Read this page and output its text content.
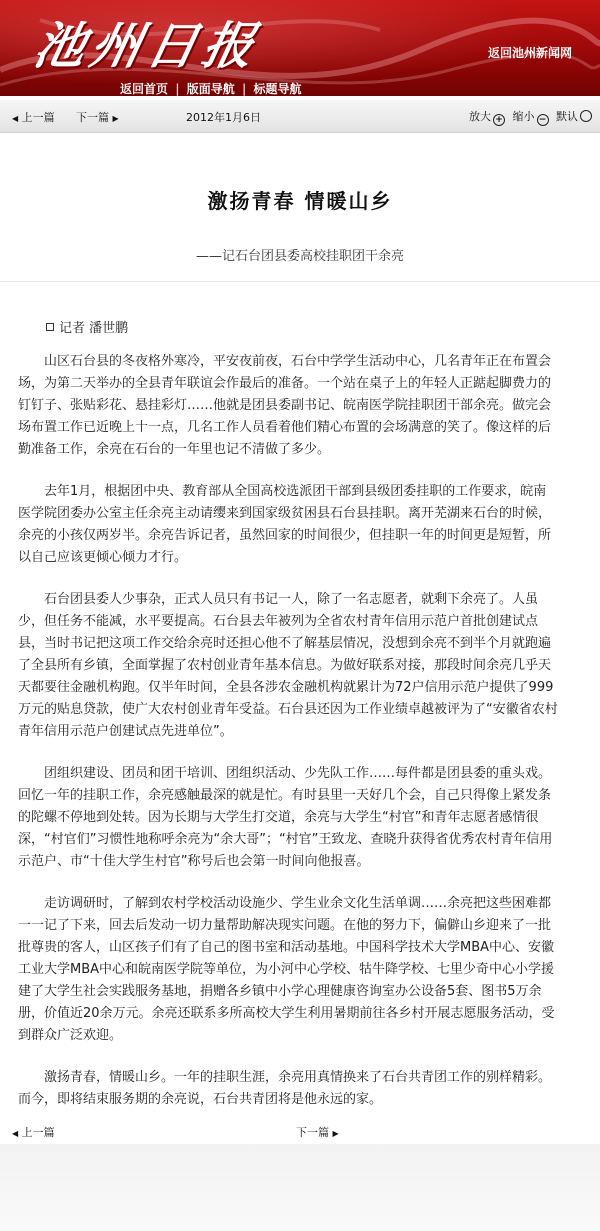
池州日报	返回池州新闻网
返回首页 | 版面导航 | 标题导航
◀ 上一篇 下一篇 ▶	2012年1月6日	放大 + 缩小 − 默认
激扬青春 情暖山乡
——记石台团县委高校挂职团干余亮
记者 潘世鹏

山区石台县的冬夜格外寒冷，平安夜前夜，石台中学学生活动中心，几名青年正在布置会场，为第二天举办的全县青年联谊会作最后的准备。一个站在桌子上的年轻人正踮起脚费力的钉钉子、张贴彩花、悬挂彩灯……他就是团县委副书记、皖南医学院挂职团干部余亮。做完会场布置工作已近晚上十一点，几名工作人员看着他们精心布置的会场满意的笑了。像这样的后勤准备工作，余亮在石台的一年里也记不清做了多少。

去年1月，根据团中央、教育部从全国高校选派团干部到县级团委挂职的工作要求，皖南医学院团委办公室主任余亮主动请缨来到国家级贫困县石台县挂职。离开芜湖来石台的时候，余亮的小孩仅两岁半。余亮告诉记者，虽然回家的时间很少，但挂职一年的时间更是短暂，所以自己应该更倾心倾力才行。

石台团县委人少事杂，正式人员只有书记一人，除了一名志愿者，就剩下余亮了。人虽少，但任务不能减，水平要提高。石台县去年被列为全省农村青年信用示范户首批创建试点县，当时书记把这项工作交给余亮时还担心他不了解基层情况，没想到余亮不到半个月就跑遍了全县所有乡镇，全面掌握了农村创业青年基本信息。为做好联系对接，那段时间余亮几乎天天都要往金融机构跑。仅半年时间，全县各涉农金融机构就累计为72户信用示范户提供了999万元的贴息贷款，使广大农村创业青年受益。石台县还因为工作业绩卓越被评为了“安徽省农村青年信用示范户创建试点先进单位”。

团组织建设、团员和团干培训、团组织活动、少先队工作……每件都是团县委的重头戏。回忆一年的挂职工作，余亮感触最深的就是忙。有时县里一天好几个会，自己只得像上紧发条的陀螺不停地到处转。因为长期与大学生打交道，余亮与大学生“村官”和青年志愿者感情很深，“村官们”习惯性地称呼余亮为“余大哥”；“村官”王致龙、查晓升获得省优秀农村青年信用示范户、市“十佳大学生村官”称号后也会第一时间向他报喜。

走访调研时，了解到农村学校活动设施少、学生业余文化生活单调……余亮把这些困难都一一记了下来，回去后发动一切力量帮助解决现实问题。在他的努力下，偏僻山乡迎来了一批批尊贵的客人，山区孩子们有了自己的图书室和活动基地。中国科学技术大学MBA中心、安徽工业大学MBA中心和皖南医学院等单位，为小河中心学校、牯牛降学校、七里少奇中心小学援建了大学生社会实践服务基地，捐赠各乡镇中小学心理健康咨询室办公设备5套、图书5万余册，价值近20余万元。余亮还联系多所高校大学生利用暑期前往各乡村开展志愿服务活动，受到群众广泛欢迎。

激扬青春，情暖山乡。一年的挂职生涯，余亮用真情换来了石台共青团工作的别样精彩。而今，即将结束服务期的余亮说，石台共青团将是他永远的家。

◀ 上一篇	下一篇 ▶
